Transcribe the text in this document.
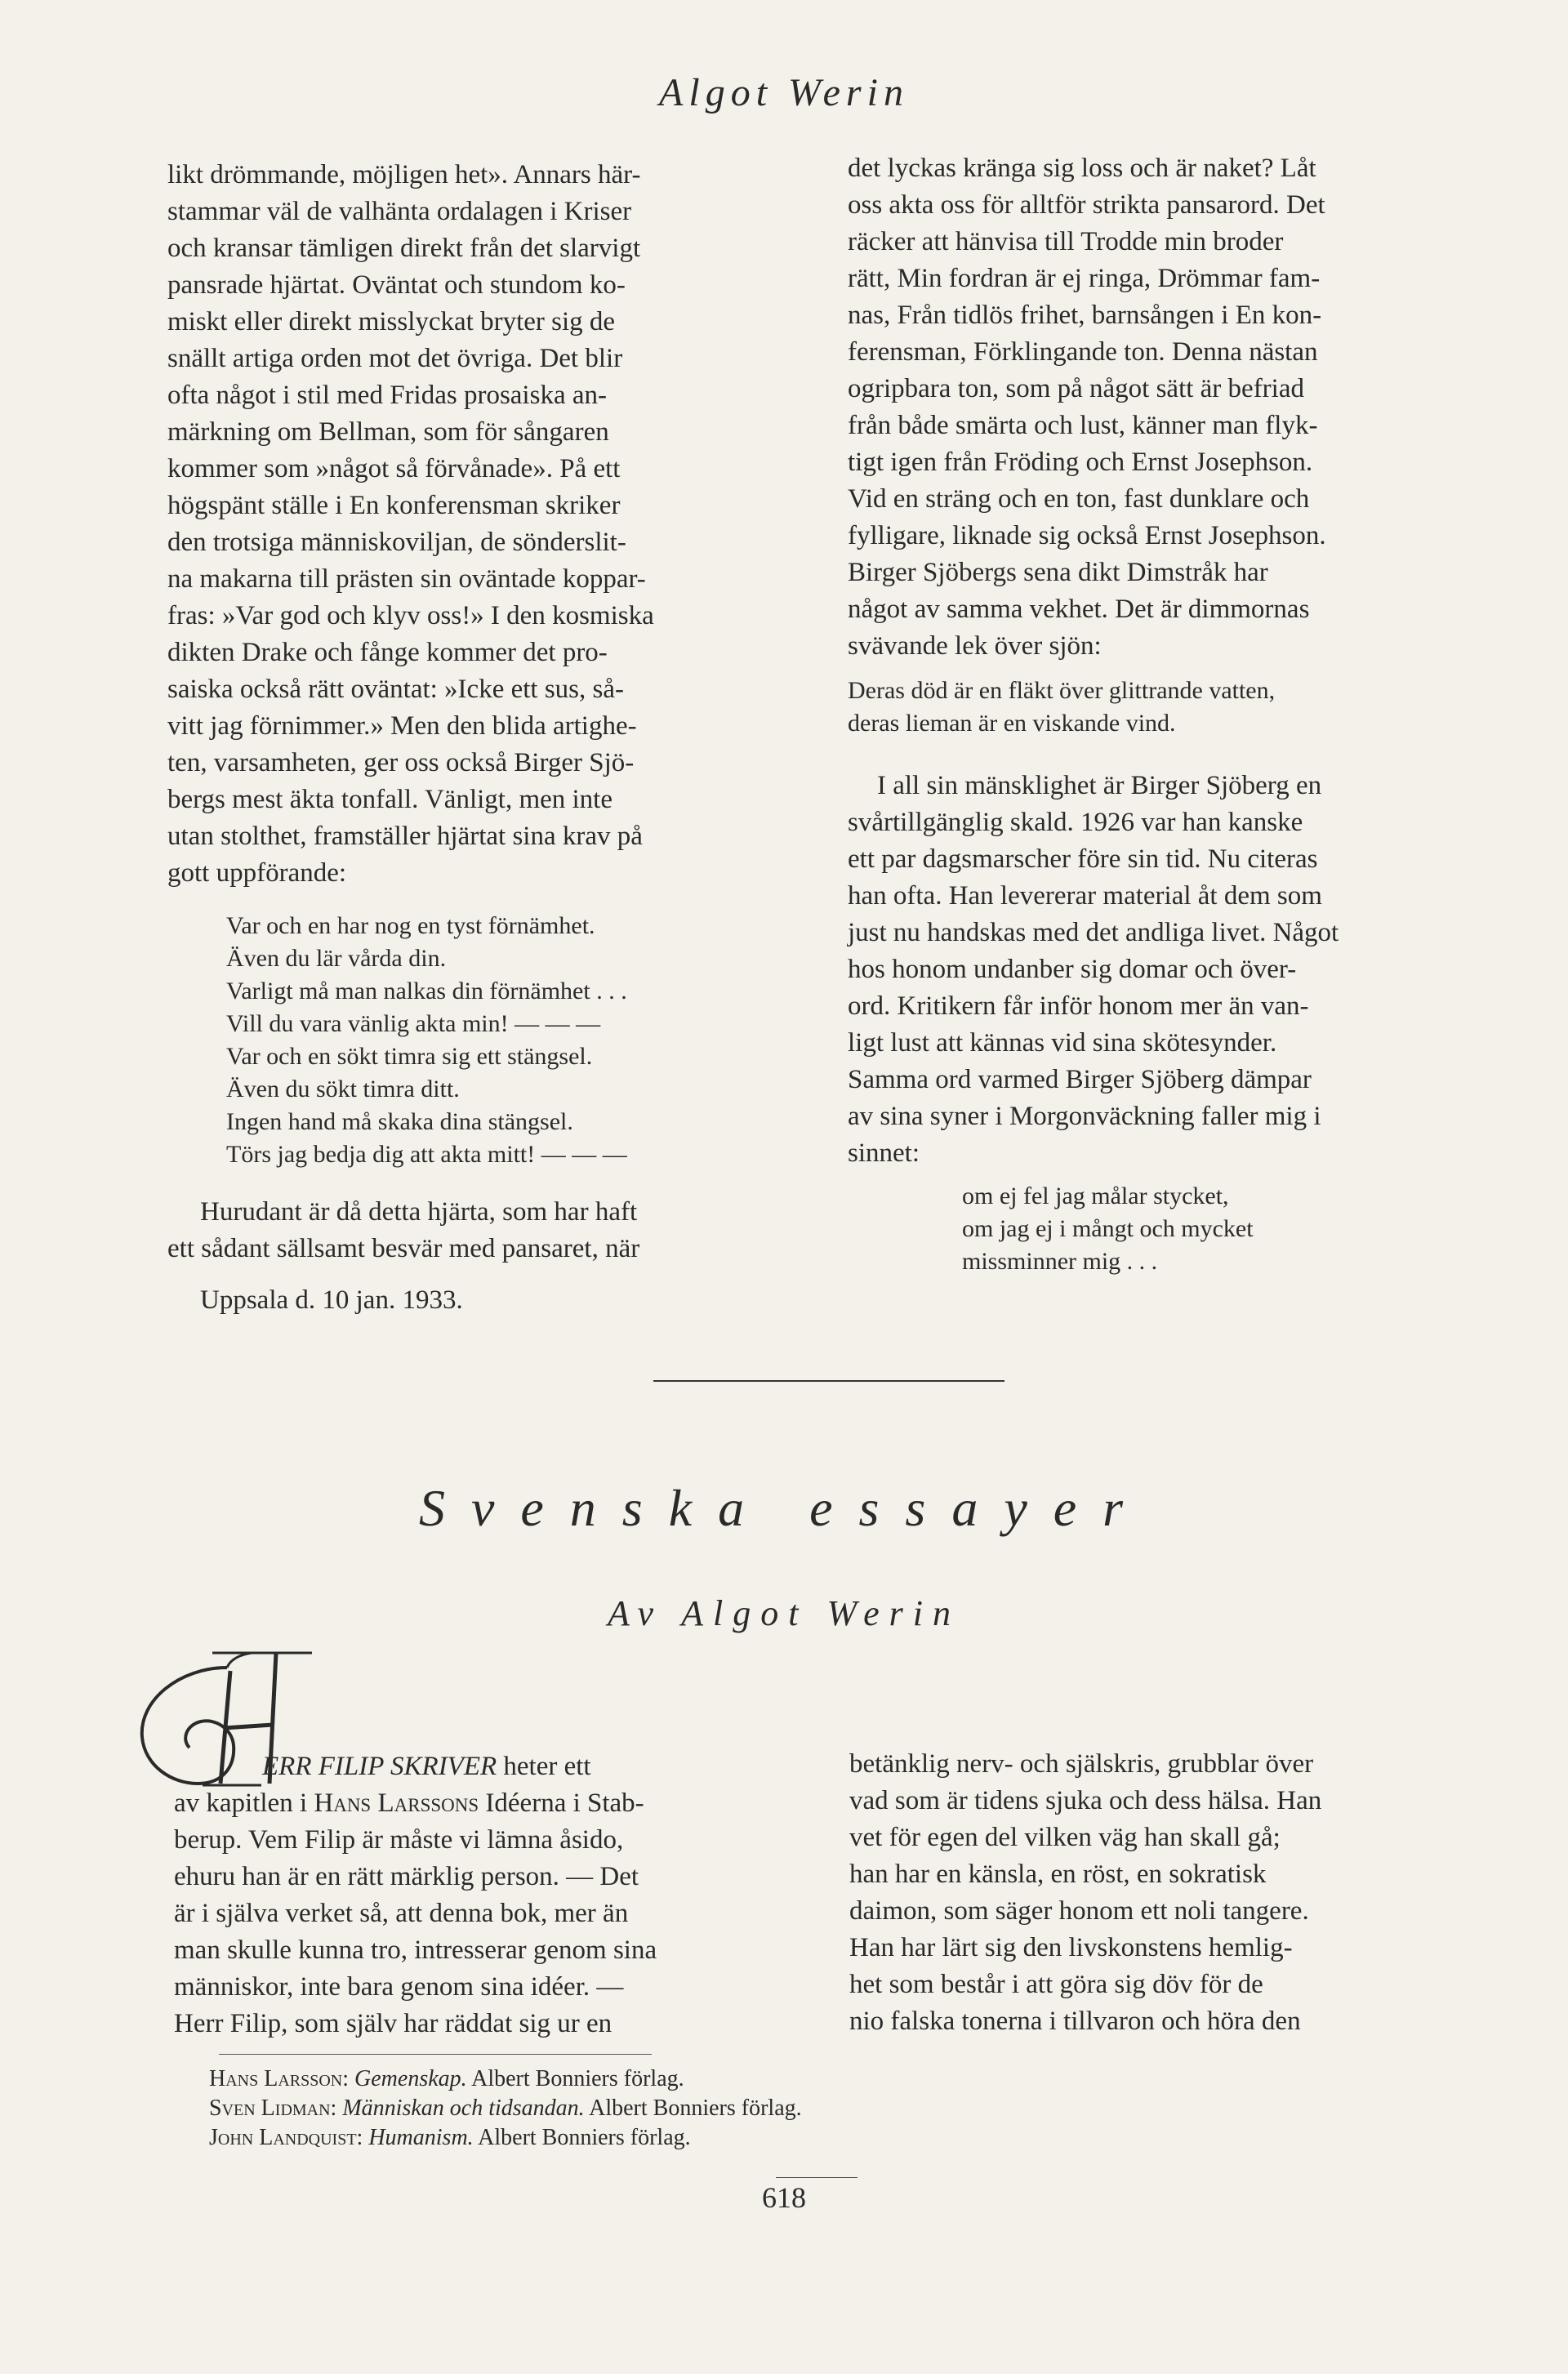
Algot Werin

likt drömmande, möjligen het». Annars här-

stammar väl de valhänta ordalagen i Kriser

och kransar tämligen direkt från det slarvigt

pansrade hjärtat. Oväntat och stundom ko-

miskt eller direkt misslyckat bryter sig de

snällt artiga orden mot det övriga. Det blir

ofta något i stil med Fridas prosaiska an-

märkning om Bellman, som för sångaren

kommer som »något så förvånade». På ett

högspänt ställe i En konferensman skriker

den trotsiga människoviljan, de sönderslit-

na makarna till prästen sin oväntade koppar-

fras: »Var god och klyv oss!» I den kosmiska

dikten Drake och fånge kommer det pro-

saiska också rätt oväntat: »Icke ett sus, så-

vitt jag förnimmer.» Men den blida artighe-

ten, varsamheten, ger oss också Birger Sjö-

bergs mest äkta tonfall. Vänligt, men inte

utan stolthet, framställer hjärtat sina krav på

gott uppförande:

Var och en har nog en tyst förnämhet.
Även du lär vårda din.
Varligt må man nalkas din förnämhet . . .
Vill du vara vänlig akta min! — — —
Var och en sökt timra sig ett stängsel.
Även du sökt timra ditt.
Ingen hand må skaka dina stängsel.
Törs jag bedja dig att akta mitt! — — —

Hurudant är då detta hjärta, som har haft

ett sådant sällsamt besvär med pansaret, när

Uppsala d. 10 jan. 1933.

det lyckas kränga sig loss och är naket? Låt

oss akta oss för alltför strikta pansarord. Det

räcker att hänvisa till Trodde min broder

rätt, Min fordran är ej ringa, Drömmar fam-

nas, Från tidlös frihet, barnsången i En kon-

ferensman, Förklingande ton. Denna nästan

ogripbara ton, som på något sätt är befriad

från både smärta och lust, känner man flyk-

tigt igen från Fröding och Ernst Josephson.

Vid en sträng och en ton, fast dunklare och

fylligare, liknade sig också Ernst Josephson.

Birger Sjöbergs sena dikt Dimstråk har

något av samma vekhet. Det är dimmornas

svävande lek över sjön:

Deras död är en fläkt över glittrande vatten,
deras lieman är en viskande vind.

I all sin mänsklighet är Birger Sjöberg en

svårtillgänglig skald. 1926 var han kanske

ett par dagsmarscher före sin tid. Nu citeras

han ofta. Han levererar material åt dem som

just nu handskas med det andliga livet. Något

hos honom undanber sig domar och över-

ord. Kritikern får inför honom mer än van-

ligt lust att kännas vid sina skötesynder.

Samma ord varmed Birger Sjöberg dämpar

av sina syner i Morgonväckning faller mig i

sinnet:

om ej fel jag målar stycket,
om jag ej i mångt och mycket
missminner mig . . .
Svenska essayer
Av Algot Werin
H

ERR FILIP SKRIVER heter ett

av kapitlen i Hans Larssons Idéerna i Stab-

berup. Vem Filip är måste vi lämna åsido,

ehuru han är en rätt märklig person. — Det

är i själva verket så, att denna bok, mer än

man skulle kunna tro, intresserar genom sina

människor, inte bara genom sina idéer. —

Herr Filip, som själv har räddat sig ur en

betänklig nerv- och själskris, grubblar över

vad som är tidens sjuka och dess hälsa. Han

vet för egen del vilken väg han skall gå;

han har en känsla, en röst, en sokratisk

daimon, som säger honom ett noli tangere.

Han har lärt sig den livskonstens hemlig-

het som består i att göra sig döv för de

nio falska tonerna i tillvaron och höra den

Hans Larsson: Gemenskap. Albert Bonniers förlag.
Sven Lidman: Människan och tidsandan. Albert Bonniers förlag.
John Landquist: Humanism. Albert Bonniers förlag.
618
